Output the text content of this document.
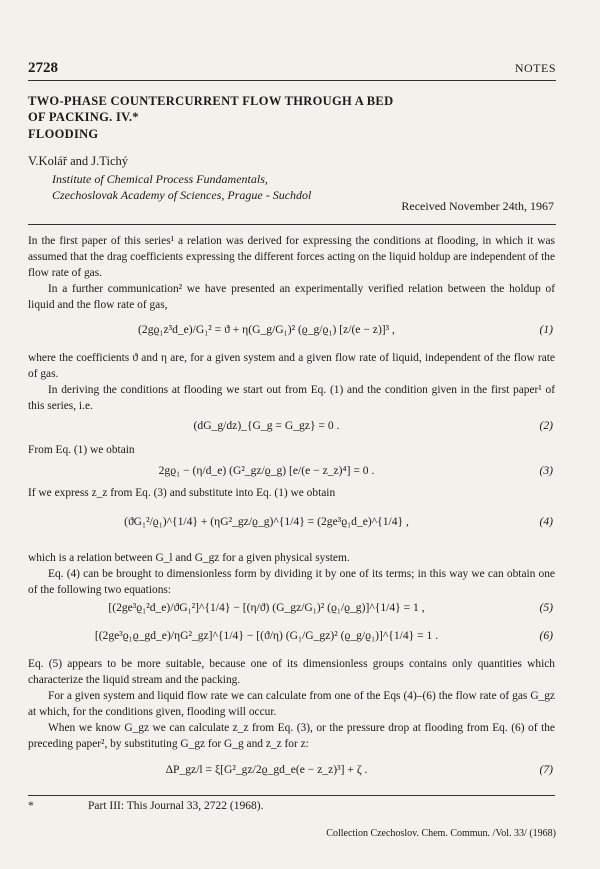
2728	NOTES
TWO-PHASE COUNTERCURRENT FLOW THROUGH A BED
OF PACKING. IV.*
FLOODING
V.Kolář and J.Tichý
Institute of Chemical Process Fundamentals,
Czechoslovak Academy of Sciences, Prague - Suchdol
Received November 24th, 1967
In the first paper of this series¹ a relation was derived for expressing the conditions at flooding, in which it was assumed that the drag coefficients expressing the different forces acting on the liquid holdup are independent of the flow rate of gas.
In a further communication² we have presented an experimentally verified relation between the holdup of liquid and the flow rate of gas,
(2gϱ₁z³d_e)/G₁² = ϑ + η(G_g/G₁)² (ϱ_g/ϱ₁) [z/(e − z)]³ ,	(1)
where the coefficients ϑ and η are, for a given system and a given flow rate of liquid, independent of the flow rate of gas.
In deriving the conditions at flooding we start out from Eq. (1) and the condition given in the first paper¹ of this series, i.e.
(dG_g/dz)_{G_g = G_gz} = 0 .	(2)
From Eq. (1) we obtain
2gϱ₁ − (η/d_e) (G²_gz/ϱ_g) [e/(e − z_z)⁴] = 0 .	(3)
If we express z_z from Eq. (3) and substitute into Eq. (1) we obtain
(ϑG₁²/ϱ₁)^{1/4} + (ηG²_gz/ϱ_g)^{1/4} = (2ge³ϱ₁d_e)^{1/4} ,	(4)
which is a relation between G_l and G_gz for a given physical system.
Eq. (4) can be brought to dimensionless form by dividing it by one of its terms; in this way we can obtain one of the following two equations:
[(2ge³ϱ₁²d_e)/ϑG₁²]^{1/4} − [(η/ϑ) (G_gz/G₁)² (ϱ₁/ϱ_g)]^{1/4} = 1 ,	(5)
[(2ge³ϱ₁ϱ_gd_e)/ηG²_gz]^{1/4} − [(ϑ/η) (G₁/G_gz)² (ϱ_g/ϱ₁)]^{1/4} = 1 .	(6)
Eq. (5) appears to be more suitable, because one of its dimensionless groups contains only quantities which characterize the liquid stream and the packing.
For a given system and liquid flow rate we can calculate from one of the Eqs (4)–(6) the flow rate of gas G_gz at which, for the conditions given, flooding will occur.
When we know G_gz we can calculate z_z from Eq. (3), or the pressure drop at flooding from Eq. (6) of the preceding paper², by substituting G_gz for G_g and z_z for z:
ΔP_gz/l = ξ[G²_gz/2ϱ_gd_e(e − z_z)³] + ζ .	(7)
*	Part III: This Journal 33, 2722 (1968).
Collection Czechoslov. Chem. Commun. /Vol. 33/ (1968)
